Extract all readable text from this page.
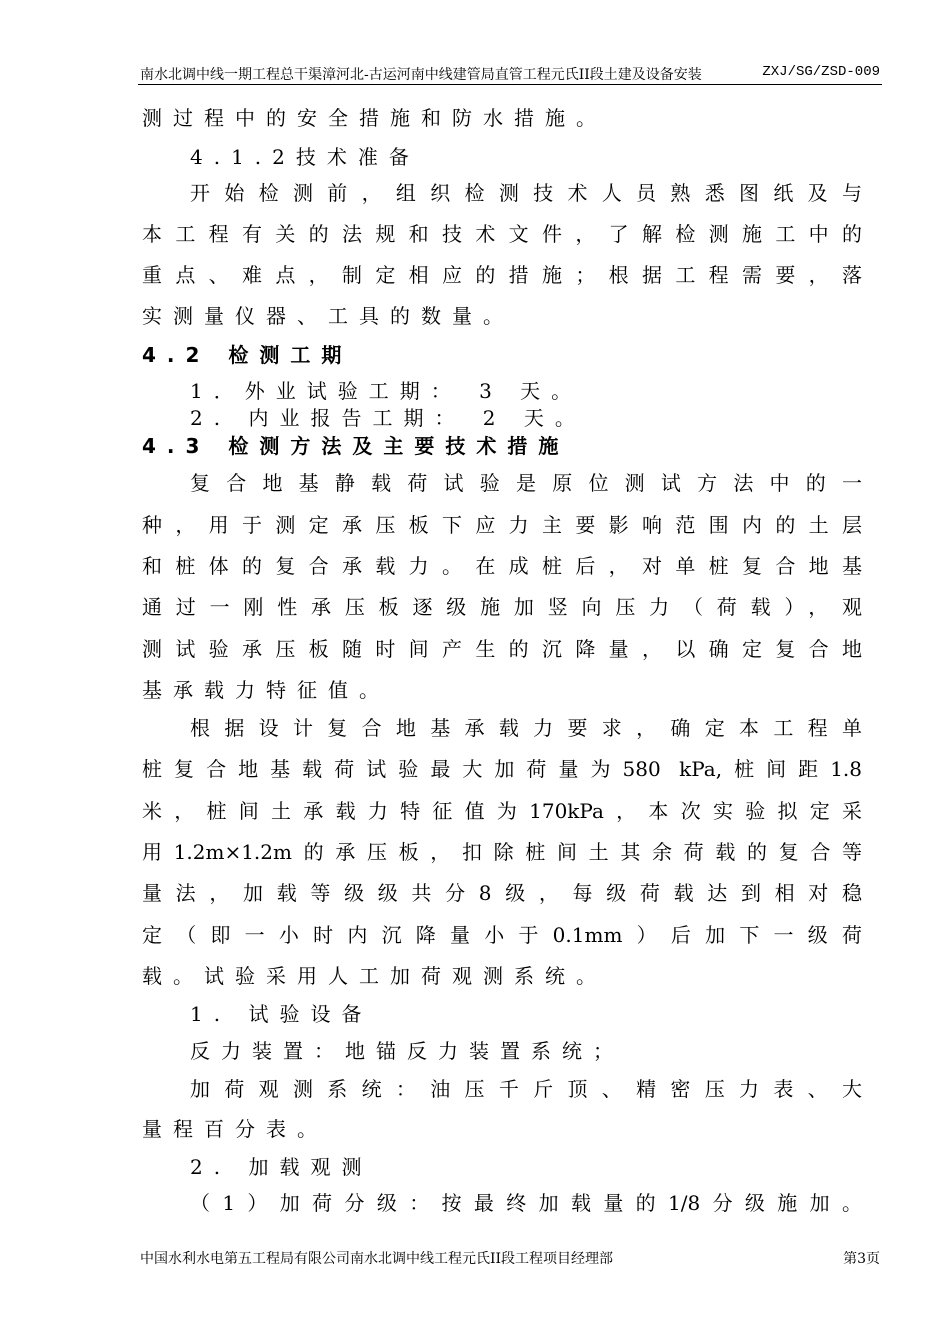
南水北调中线一期工程总干渠漳河北-古运河南中线建管局直管工程元氏II段土建及设备安装	ZXJ/SG/ZSD-009
测过程中的安全措施和防水措施。
4.1.2技术准备
开始检测前，组织检测技术人员熟悉图纸及与
本工程有关的法规和技术文件，了解检测施工中的
重点、难点，制定相应的措施；根据工程需要，落
实测量仪器、工具的数量。
4.2 检测工期
1．外业试验工期： 3 天。
2. 内业报告工期： 2 天。
4.3 检测方法及主要技术措施
复合地基静载荷试验是原位测试方法中的一
种，用于测定承压板下应力主要影响范围内的土层
和桩体的复合承载力。在成桩后，对单桩复合地基
通过一刚性承压板逐级施加竖向压力（荷载），观
测试验承压板随时间产生的沉降量，以确定复合地
基承载力特征值。
根据设计复合地基承载力要求，确定本工程单
桩复合地基载荷试验最大加荷量为580 kPa,桩间距1.8
米，桩间土承载力特征值为170kPa，本次实验拟定采
用1.2m×1.2m的承压板，扣除桩间土其余荷载的复合等
量法，加载等级级共分8级，每级荷载达到相对稳
定（即一小时内沉降量小于0.1mm）后加下一级荷
载。试验采用人工加荷观测系统。
1. 试验设备
反力装置：地锚反力装置系统；
加荷观测系统：油压千斤顶、精密压力表、大
量程百分表。
2. 加载观测
（1）加荷分级：按最终加载量的1/8分级施加。
中国水利水电第五工程局有限公司南水北调中线工程元氏II段工程项目经理部	第3页
